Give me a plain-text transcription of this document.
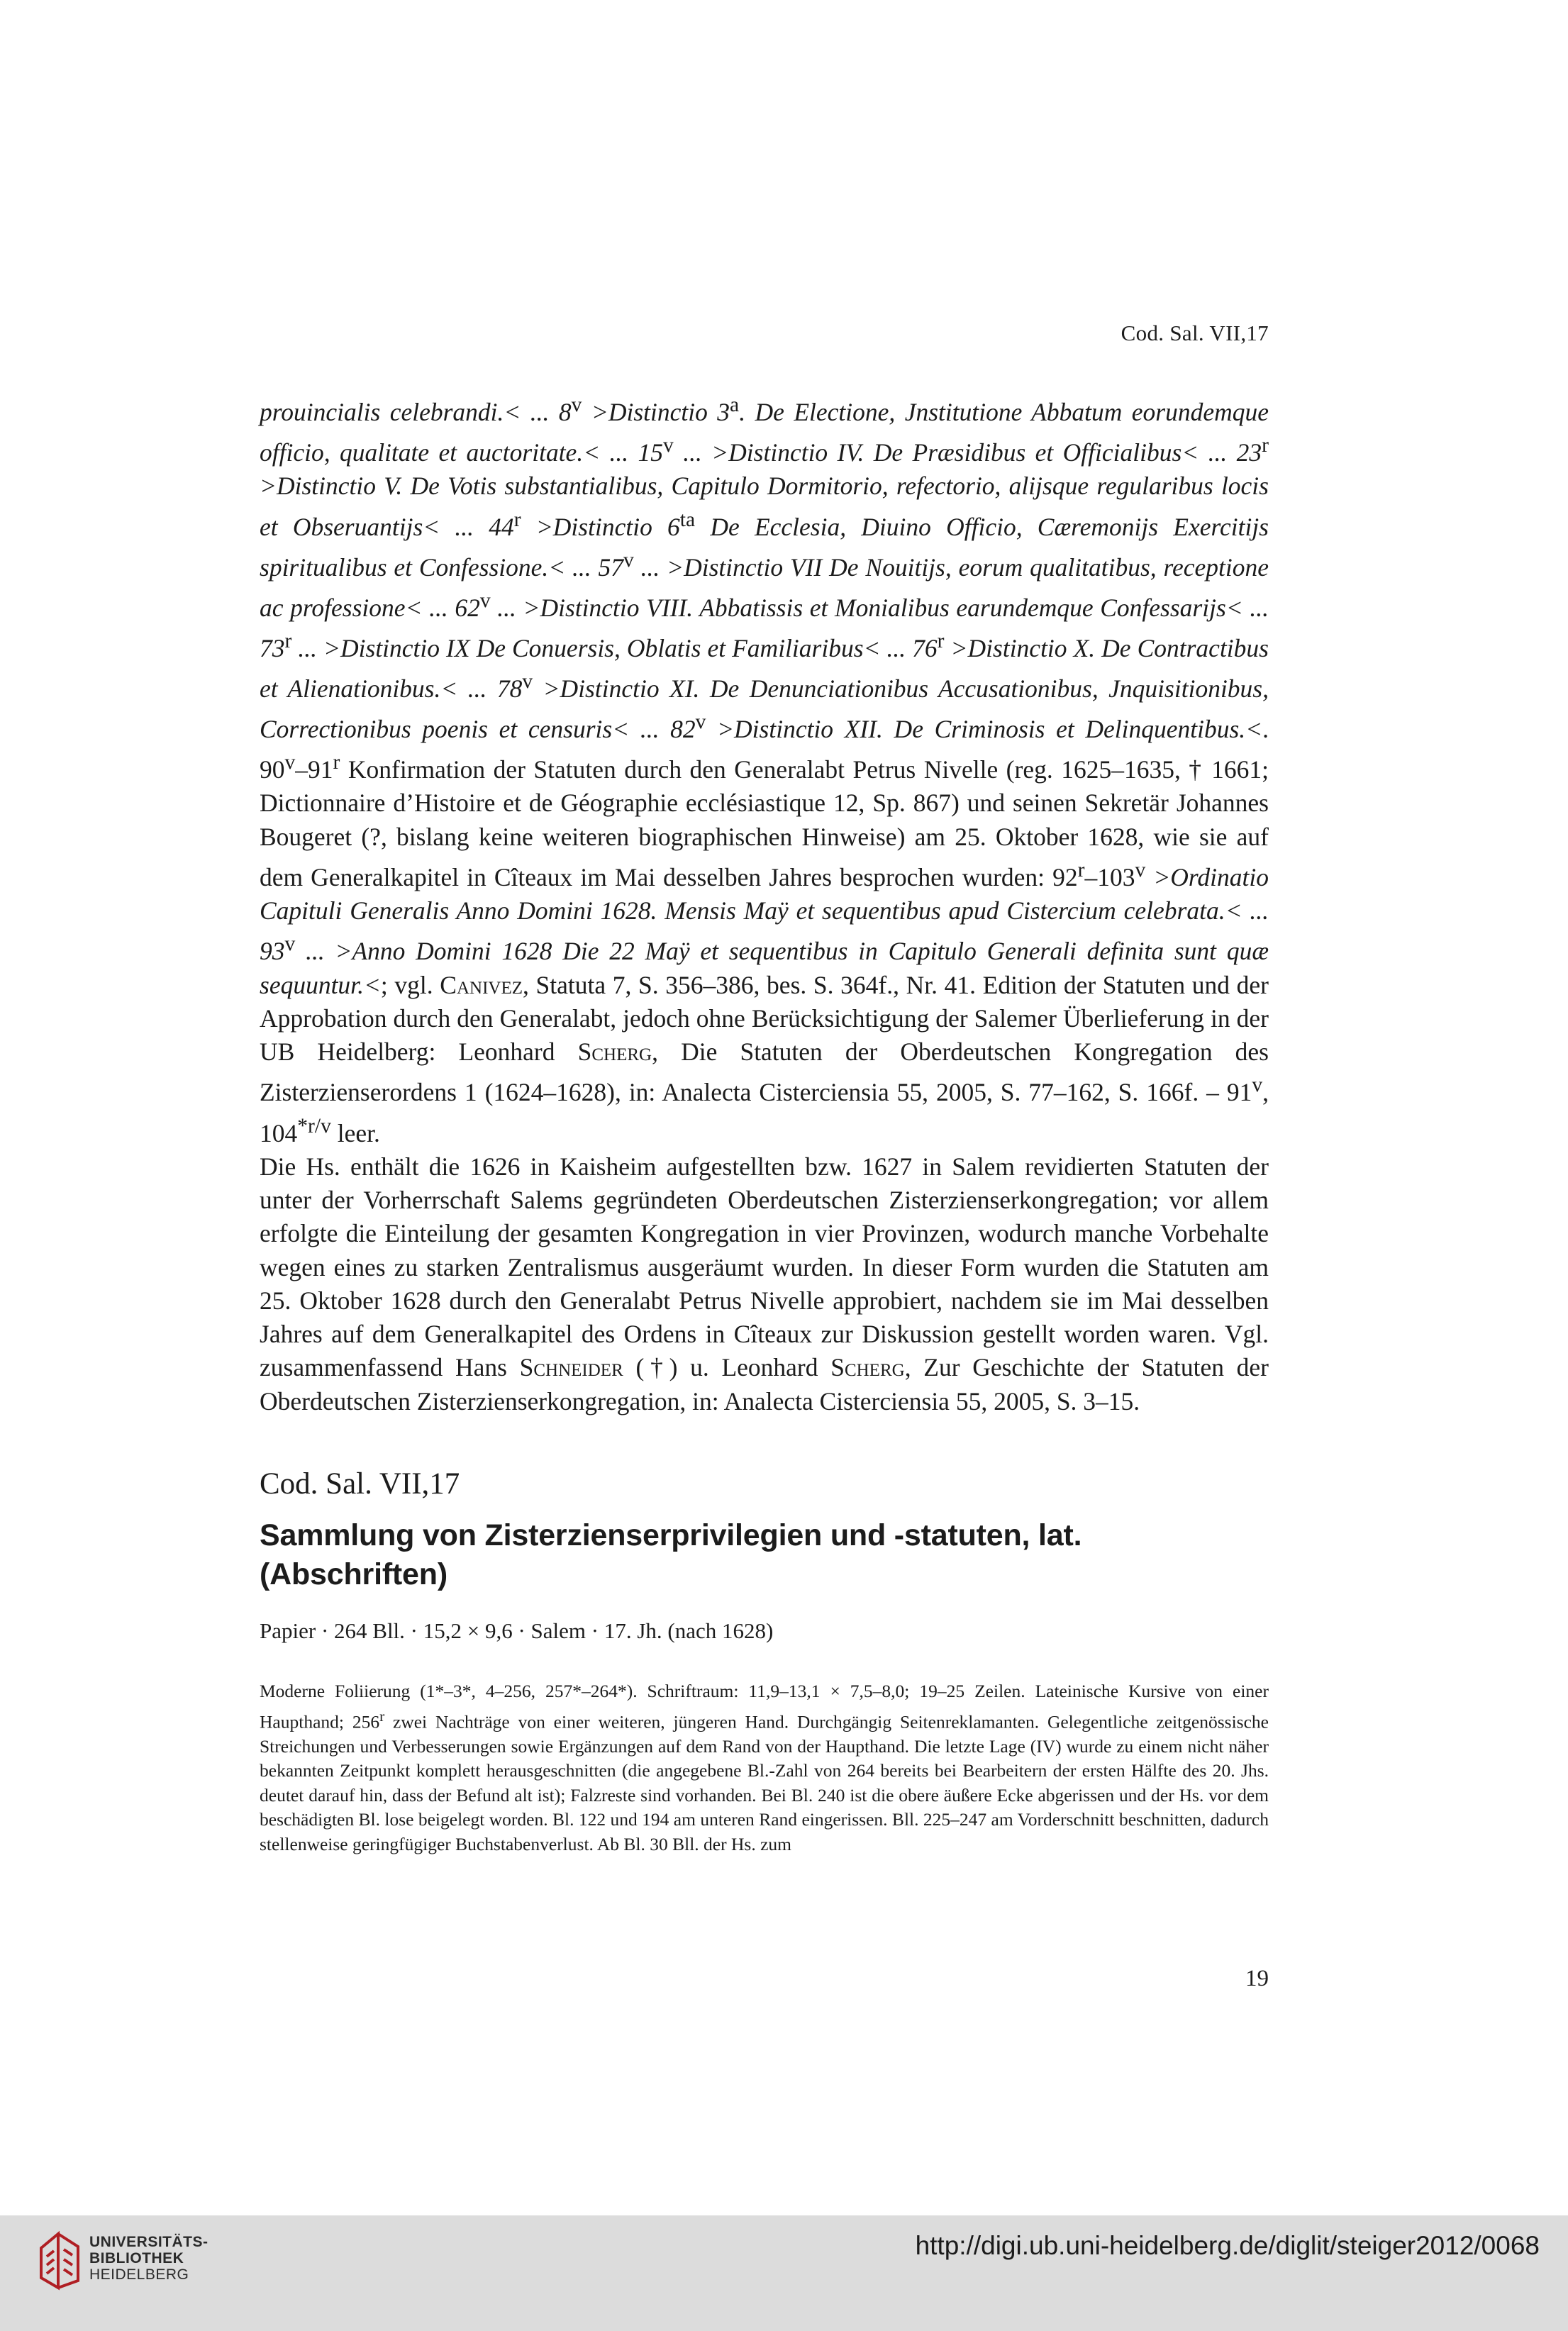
Cod. Sal. VII,17

prouincialis celebrandi.< ... $8^v$ >Distinctio 3$^a$. De Electione, Jnstitutione Abbatum eorundemque officio, qualitate et auctoritate.< ... 15$^v$ ... >Distinctio IV. De Præsidibus et Officialibus< ... $23^r$ >Distinctio V. De Votis substantialibus, Capitulo Dormitorio, refectorio, alijsque regularibus locis et Obseruantijs< ... $44^r$ >Distinctio $6^{ta}$ De Ecclesia, Diuino Officio, Cæremonijs Exercitijs spiritualibus et Confessione.< ... 57$^v$ ... >Distinctio VII De Nouitijs, eorum qualitatibus, receptione ac professione< ... 62$^v$ ... >Distinctio VIII. Abbatissis et Monialibus earundemque Confessarijs< ... 73$^r$ ... >Distinctio IX De Conuersis, Oblatis et Familiaribus< ... $76^r$ >Distinctio X. De Contractibus et Alienationibus.< ... $78^v$ >Distinctio XI. De Denunciationibus Accusationibus, Jnquisitionibus, Correctionibus poenis et censuris< ... $82^v$ >Distinctio XII. De Criminosis et Delinquentibus.<. 90$^v$–91$^r$ Konfirmation der Statuten durch den Generalabt Petrus Nivelle (reg. 1625–1635, † 1661; Dictionnaire d’Histoire et de Géographie ecclésiastique 12, Sp. 867) und seinen Sekretär Johannes Bougeret (?, bislang keine weiteren biographischen Hinweise) am 25. Oktober 1628, wie sie auf dem Generalkapitel in Cîteaux im Mai desselben Jahres besprochen wurden: $92^r-103^v$ >Ordinatio Capituli Generalis Anno Domini 1628. Mensis Maÿ et sequentibus apud Cistercium celebrata.< ... 93$^v$ ... >Anno Domini 1628 Die 22 Maÿ et sequentibus in Capitulo Generali definita sunt quæ sequuntur.<; vgl. Canivez, Statuta 7, S. 356–386, bes. S. 364f., Nr. 41. Edition der Statuten und der Approbation durch den Generalabt, jedoch ohne Berücksichtigung der Salemer Überlieferung in der UB Heidelberg: Leonhard Scherg, Die Statuten der Oberdeutschen Kongregation des Zisterzienserordens 1 (1624–1628), in: Analecta Cisterciensia 55, 2005, S. 77–162, S. 166f. – 91$^v$, $104^{*r/v}$ leer.

Die Hs. enthält die 1626 in Kaisheim aufgestellten bzw. 1627 in Salem revidierten Statuten der unter der Vorherrschaft Salems gegründeten Oberdeutschen Zisterzienserkongregation; vor allem erfolgte die Einteilung der gesamten Kongregation in vier Provinzen, wodurch manche Vorbehalte wegen eines zu starken Zentralismus ausgeräumt wurden. In dieser Form wurden die Statuten am 25. Oktober 1628 durch den Generalabt Petrus Nivelle approbiert, nachdem sie im Mai desselben Jahres auf dem Generalkapitel des Ordens in Cîteaux zur Diskussion gestellt worden waren. Vgl. zusammenfassend Hans Schneider (†) u. Leonhard Scherg, Zur Geschichte der Statuten der Oberdeutschen Zisterzienserkongregation, in: Analecta Cisterciensia 55, 2005, S. 3–15.

Cod. Sal. VII,17
Sammlung von Zisterzienserprivilegien und -statuten, lat.
(Abschriften)
Papier · 264 Bll. · 15,2 × 9,6 · Salem · 17. Jh. (nach 1628)

Moderne Foliierung (1*–3*, 4–256, 257*–264*). Schriftraum: 11,9–13,1 × 7,5–8,0; 19–25 Zeilen. Lateinische Kursive von einer Haupthand; 256$^r$ zwei Nachträge von einer weiteren, jüngeren Hand. Durchgängig Seitenreklamanten. Gelegentliche zeitgenössische Streichungen und Verbesserungen sowie Ergänzungen auf dem Rand von der Haupthand. Die letzte Lage (IV) wurde zu einem nicht näher bekannten Zeitpunkt komplett herausgeschnitten (die angegebene Bl.-Zahl von 264 bereits bei Bearbeitern der ersten Hälfte des 20. Jhs. deutet darauf hin, dass der Befund alt ist); Falzreste sind vorhanden. Bei Bl. 240 ist die obere äußere Ecke abgerissen und der Hs. vor dem beschädigten Bl. lose beigelegt worden. Bl. 122 und 194 am unteren Rand eingerissen. Bll. 225–247 am Vorderschnitt beschnitten, dadurch stellenweise geringfügiger Buchstabenverlust. Ab Bl. 30 Bll. der Hs. zum

19
UNIVERSITÄTS-
BIBLIOTHEK
HEIDELBERG
http://digi.ub.uni-heidelberg.de/diglit/steiger2012/0068
